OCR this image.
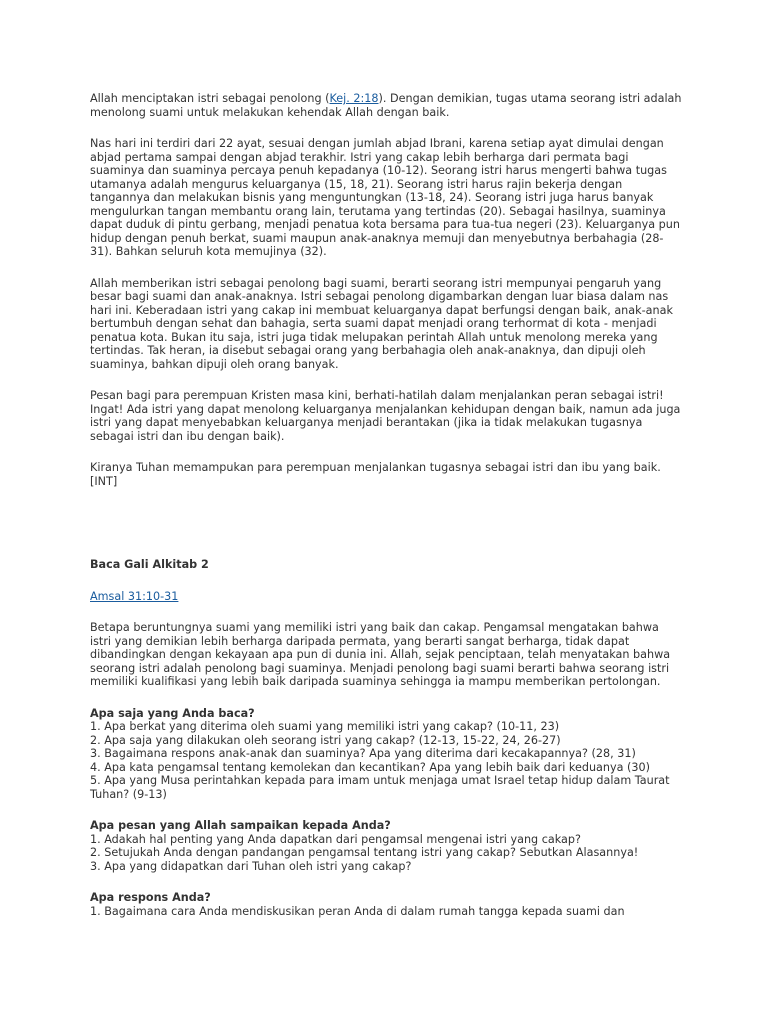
Allah menciptakan istri sebagai penolong (Kej. 2:18). Dengan demikian, tugas utama seorang istri adalah menolong suami untuk melakukan kehendak Allah dengan baik.

Nas hari ini terdiri dari 22 ayat, sesuai dengan jumlah abjad Ibrani, karena setiap ayat dimulai dengan abjad pertama sampai dengan abjad terakhir. Istri yang cakap lebih berharga dari permata bagi suaminya dan suaminya percaya penuh kepadanya (10-12). Seorang istri harus mengerti bahwa tugas utamanya adalah mengurus keluarganya (15, 18, 21). Seorang istri harus rajin bekerja dengan tangannya dan melakukan bisnis yang menguntungkan (13-18, 24). Seorang istri juga harus banyak mengulurkan tangan membantu orang lain, terutama yang tertindas (20). Sebagai hasilnya, suaminya dapat duduk di pintu gerbang, menjadi penatua kota bersama para tua-tua negeri (23). Keluarganya pun hidup dengan penuh berkat, suami maupun anak-anaknya memuji dan menyebutnya berbahagia (28-31). Bahkan seluruh kota memujinya (32).

Allah memberikan istri sebagai penolong bagi suami, berarti seorang istri mempunyai pengaruh yang besar bagi suami dan anak-anaknya. Istri sebagai penolong digambarkan dengan luar biasa dalam nas hari ini. Keberadaan istri yang cakap ini membuat keluarganya dapat berfungsi dengan baik, anak-anak bertumbuh dengan sehat dan bahagia, serta suami dapat menjadi orang terhormat di kota - menjadi penatua kota. Bukan itu saja, istri juga tidak melupakan perintah Allah untuk menolong mereka yang tertindas. Tak heran, ia disebut sebagai orang yang berbahagia oleh anak-anaknya, dan dipuji oleh suaminya, bahkan dipuji oleh orang banyak.

Pesan bagi para perempuan Kristen masa kini, berhati-hatilah dalam menjalankan peran sebagai istri! Ingat! Ada istri yang dapat menolong keluarganya menjalankan kehidupan dengan baik, namun ada juga istri yang dapat menyebabkan keluarganya menjadi berantakan (jika ia tidak melakukan tugasnya sebagai istri dan ibu dengan baik).

Kiranya Tuhan memampukan para perempuan menjalankan tugasnya sebagai istri dan ibu yang baik. [INT]

Baca Gali Alkitab 2

Amsal 31:10-31

Betapa beruntungnya suami yang memiliki istri yang baik dan cakap. Pengamsal mengatakan bahwa istri yang demikian lebih berharga daripada permata, yang berarti sangat berharga, tidak dapat dibandingkan dengan kekayaan apa pun di dunia ini. Allah, sejak penciptaan, telah menyatakan bahwa seorang istri adalah penolong bagi suaminya. Menjadi penolong bagi suami berarti bahwa seorang istri memiliki kualifikasi yang lebih baik daripada suaminya sehingga ia mampu memberikan pertolongan.

Apa saja yang Anda baca?
1. Apa berkat yang diterima oleh suami yang memiliki istri yang cakap? (10-11, 23)
2. Apa saja yang dilakukan oleh seorang istri yang cakap? (12-13, 15-22, 24, 26-27)
3. Bagaimana respons anak-anak dan suaminya? Apa yang diterima dari kecakapannya? (28, 31)
4. Apa kata pengamsal tentang kemolekan dan kecantikan? Apa yang lebih baik dari keduanya (30)
5. Apa yang Musa perintahkan kepada para imam untuk menjaga umat Israel tetap hidup dalam Taurat Tuhan? (9-13)
Apa pesan yang Allah sampaikan kepada Anda?
1. Adakah hal penting yang Anda dapatkan dari pengamsal mengenai istri yang cakap?
2. Setujukah Anda dengan pandangan pengamsal tentang istri yang cakap? Sebutkan Alasannya!
3. Apa yang didapatkan dari Tuhan oleh istri yang cakap?
Apa respons Anda?
1. Bagaimana cara Anda mendiskusikan peran Anda di dalam rumah tangga kepada suami dan
